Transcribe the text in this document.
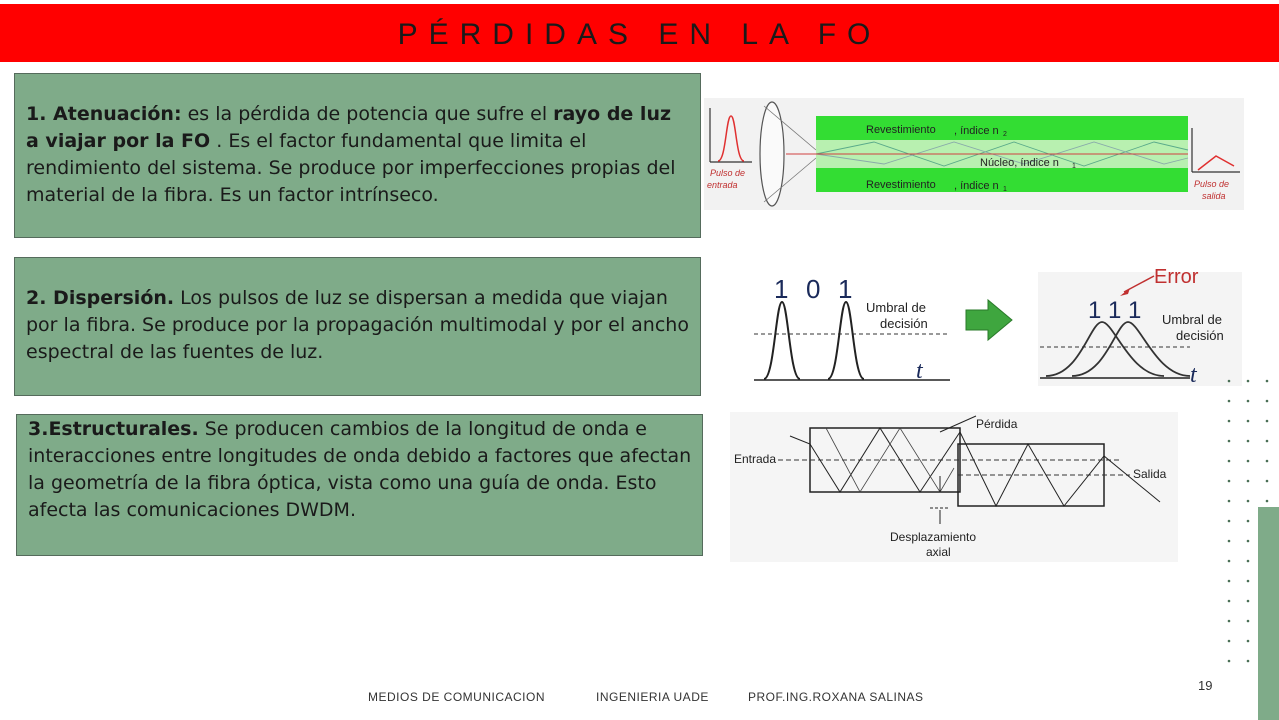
PÉRDIDAS EN LA FO
1. Atenuación: es la pérdida de potencia que sufre el rayo de luz a viajar por la FO . Es el factor fundamental que limita el rendimiento del sistema. Se produce por imperfecciones propias del material de la fibra. Es un factor intrínseco.
2. Dispersión. Los pulsos de luz se dispersan a medida que viajan por la fibra. Se produce por la propagación multimodal y por el ancho espectral de las fuentes de luz.
3.Estructurales. Se producen cambios de la longitud de onda e interacciones entre longitudes de onda debido a factores que afectan la geometría de la fibra óptica, vista como una guía de onda. Esto afecta las comunicaciones DWDM.
Pulso de
entrada
Revestimiento , índice n 2
Núcleo, índice n 1
Revestimiento , índice n 1
Pulso de
salida
1 0 1
Umbral de
decisión
t
1 1 1
Error
Umbral de
decisión
t
Entrada
Pérdida
Salida
Desplazamiento
axial
MEDIOS DE COMUNICACION	INGENIERIA UADE	PROF.ING.ROXANA SALINAS
19
